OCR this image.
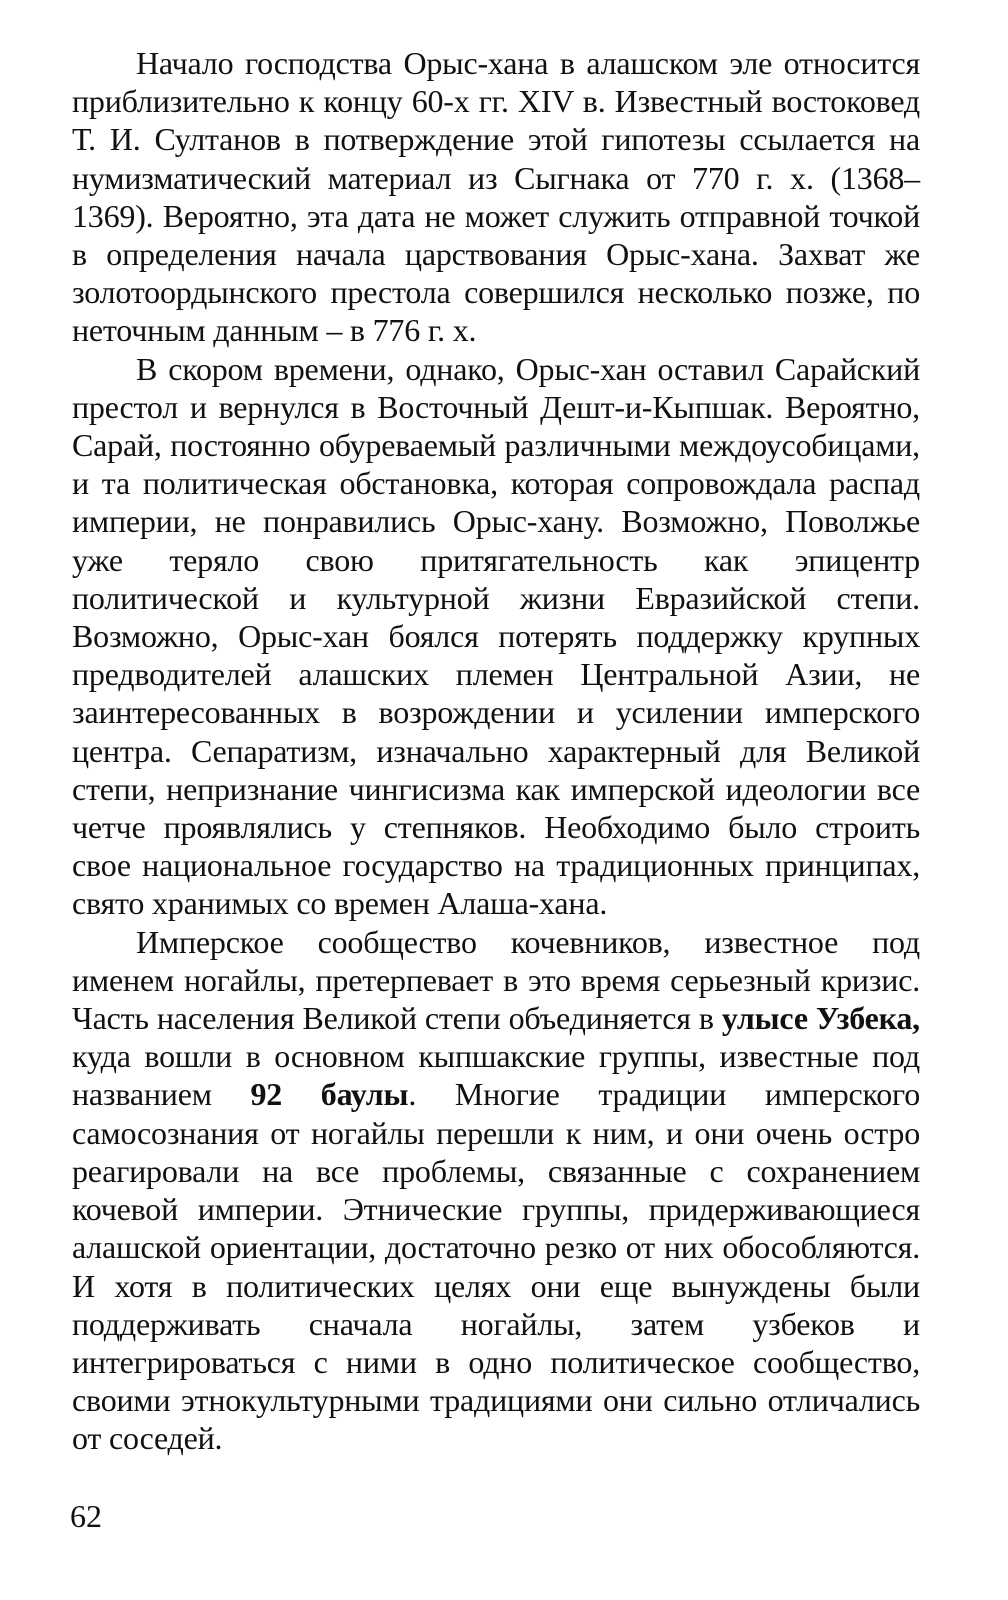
Начало господства Орыс-хана в алашском эле относится приблизительно к концу 60-х гг. XIV в. Известный востоковед Т. И. Султанов в потверждение этой гипотезы ссылается на нумизматический материал из Сыгнака от 770 г. х. (1368–1369). Вероятно, эта дата не может служить отправной точкой в определения начала царствования Орыс-хана. Захват же золотоордынского престола совершился несколько позже, по неточным данным – в 776 г. х.

В скором времени, однако, Орыс-хан оставил Сарайский престол и вернулся в Восточный Дешт-и-Кыпшак. Вероятно, Сарай, постоянно обуреваемый различными междоусобицами, и та политическая обстановка, которая сопровождала распад империи, не понравились Орыс-хану. Возможно, Поволжье уже теряло свою притягательность как эпицентр политической и культурной жизни Евразийской степи. Возможно, Орыс-хан боялся потерять поддержку крупных предводителей алашских племен Центральной Азии, не заинтересованных в возрождении и усилении имперского центра. Сепаратизм, изначально характерный для Великой степи, непризнание чингисизма как имперской идеологии все четче проявлялись у степняков. Необходимо было строить свое национальное государство на традиционных принципах, свято хранимых со времен Алаша-хана.

Имперское сообщество кочевников, известное под именем ногайлы, претерпевает в это время серьезный кризис. Часть населения Великой степи объединяется в улысе Узбека, куда вошли в основном кыпшакские группы, известные под названием 92 баулы. Многие традиции имперского самосознания от ногайлы перешли к ним, и они очень остро реагировали на все проблемы, связанные с сохранением кочевой империи. Этнические группы, придерживающиеся алашской ориентации, достаточно резко от них обособляются. И хотя в политических целях они еще вынуждены были поддерживать сначала ногайлы, затем узбеков и интегрироваться с ними в одно политическое сообщество, своими этнокультурными традициями они сильно отличались от соседей.

62
